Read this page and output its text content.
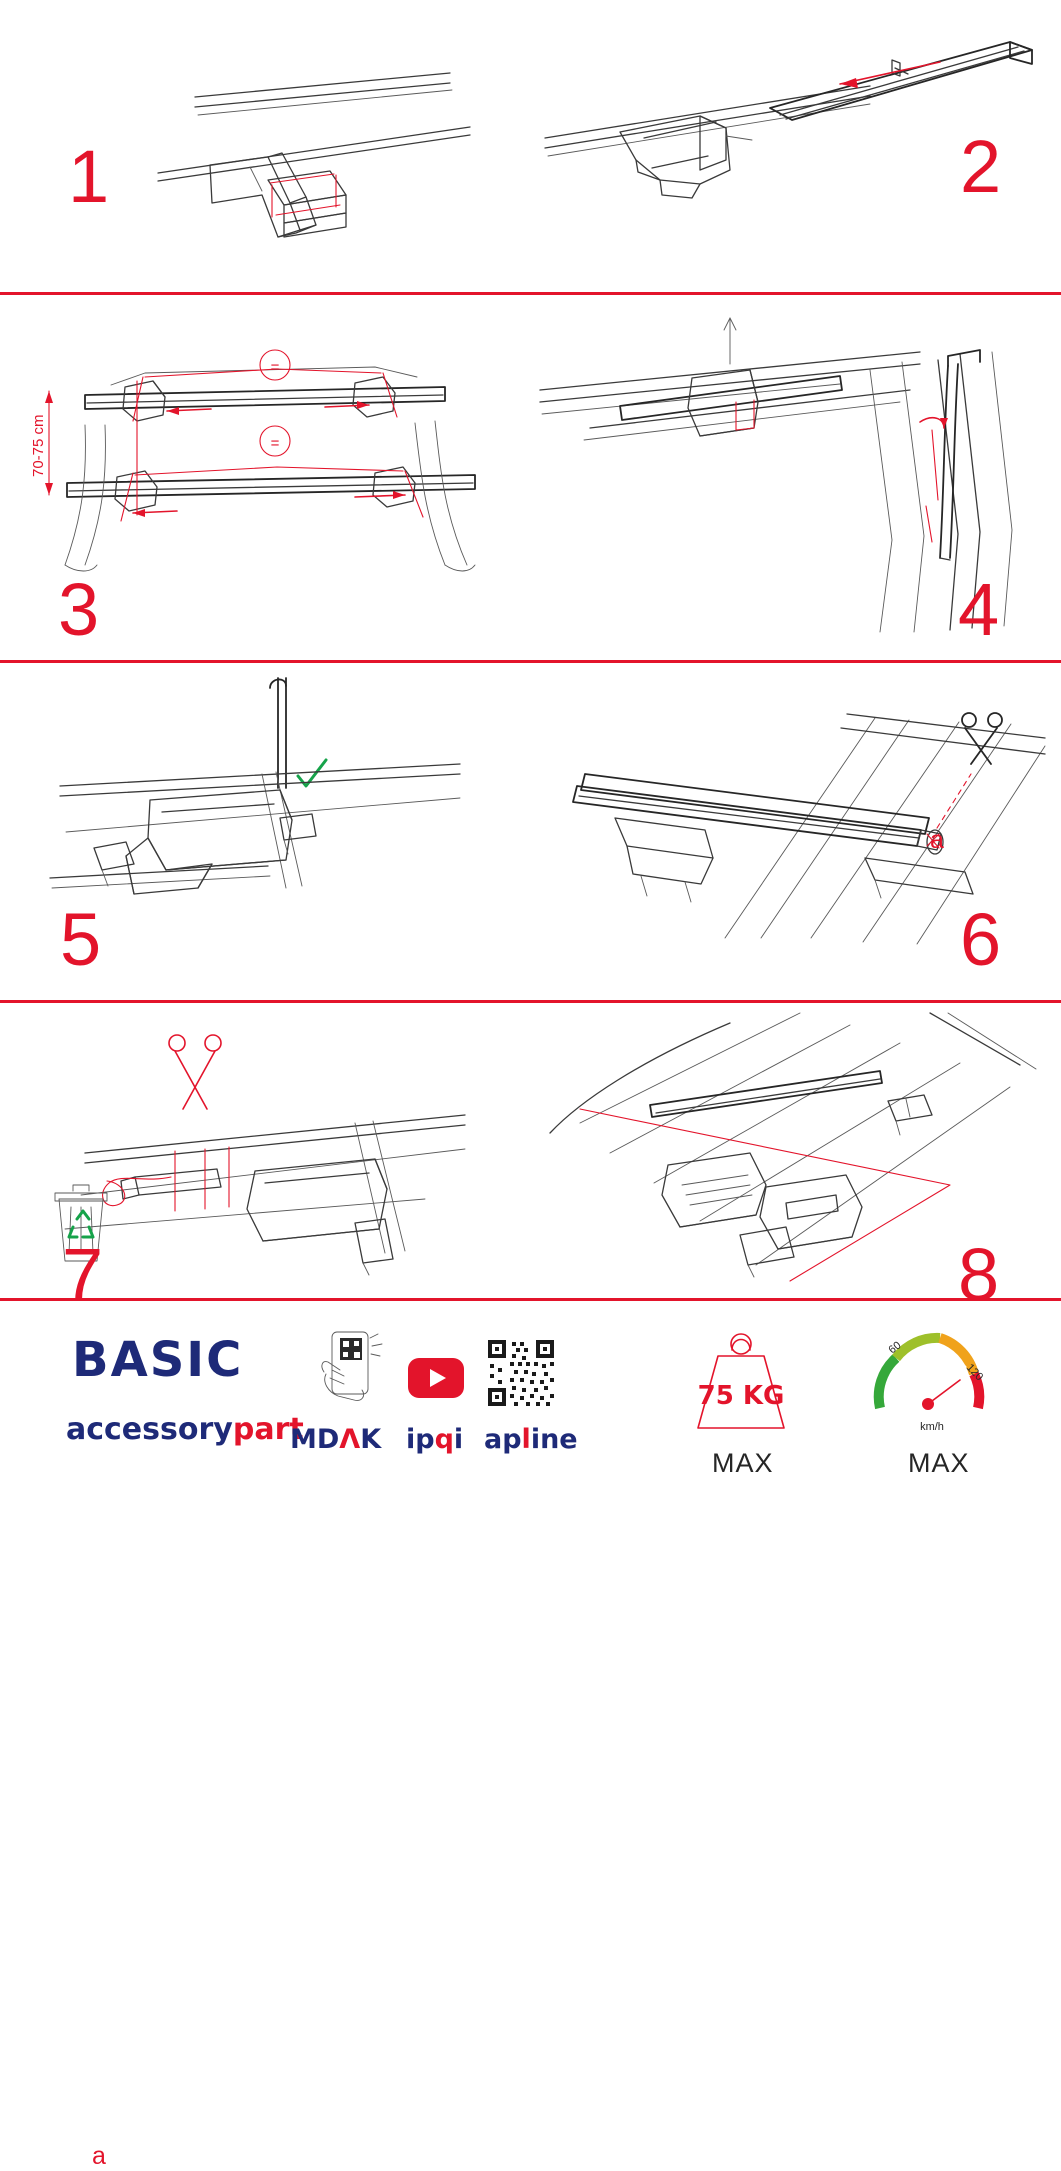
1	2
=
=
70-75 cm
3	4
5
a
6
a
7	8
BASIC
accessorypart
MDɅK ipqi apline
75 KG
MAX
60
120
km/h
MAX
